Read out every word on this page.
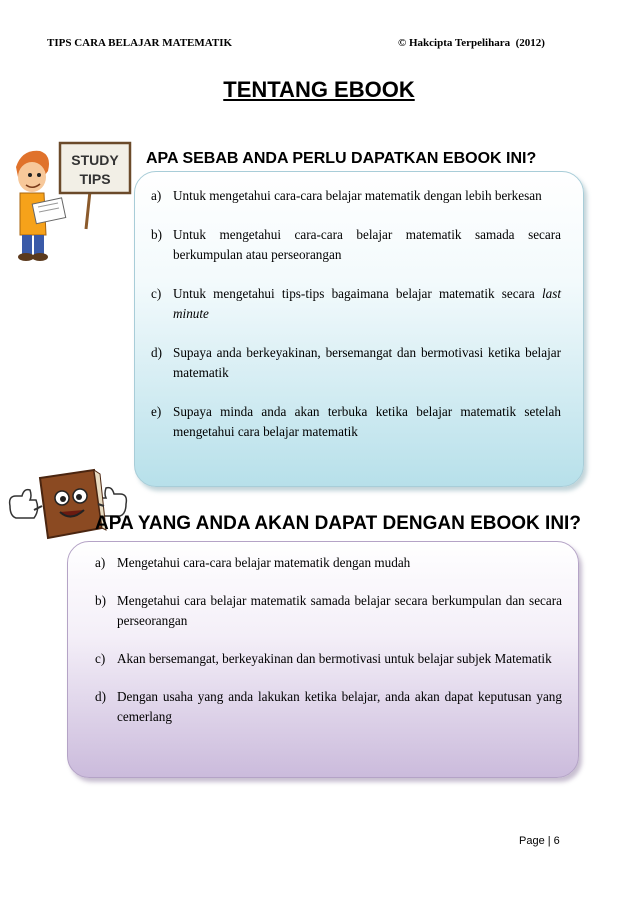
TIPS CARA BELAJAR MATEMATIK	© Hakcipta Terpelihara  (2012)
TENTANG EBOOK
STUDY
TIPS
APA SEBAB ANDA PERLU DAPATKAN EBOOK INI?
a) Untuk mengetahui cara-cara belajar matematik dengan lebih berkesan
b) Untuk mengetahui cara-cara belajar matematik samada secara berkumpulan atau perseorangan
c) Untuk mengetahui tips-tips bagaimana belajar matematik secara last minute
d) Supaya anda berkeyakinan, bersemangat dan bermotivasi ketika belajar matematik
e) Supaya minda anda akan terbuka ketika belajar matematik setelah mengetahui cara belajar matematik
APA YANG ANDA AKAN DAPAT DENGAN EBOOK INI?
a) Mengetahui cara-cara belajar matematik dengan mudah
b) Mengetahui cara belajar matematik samada belajar secara berkumpulan dan secara perseorangan
c) Akan bersemangat, berkeyakinan dan bermotivasi untuk belajar subjek Matematik
d) Dengan usaha yang anda lakukan ketika belajar, anda akan dapat keputusan yang cemerlang
Page | 6
